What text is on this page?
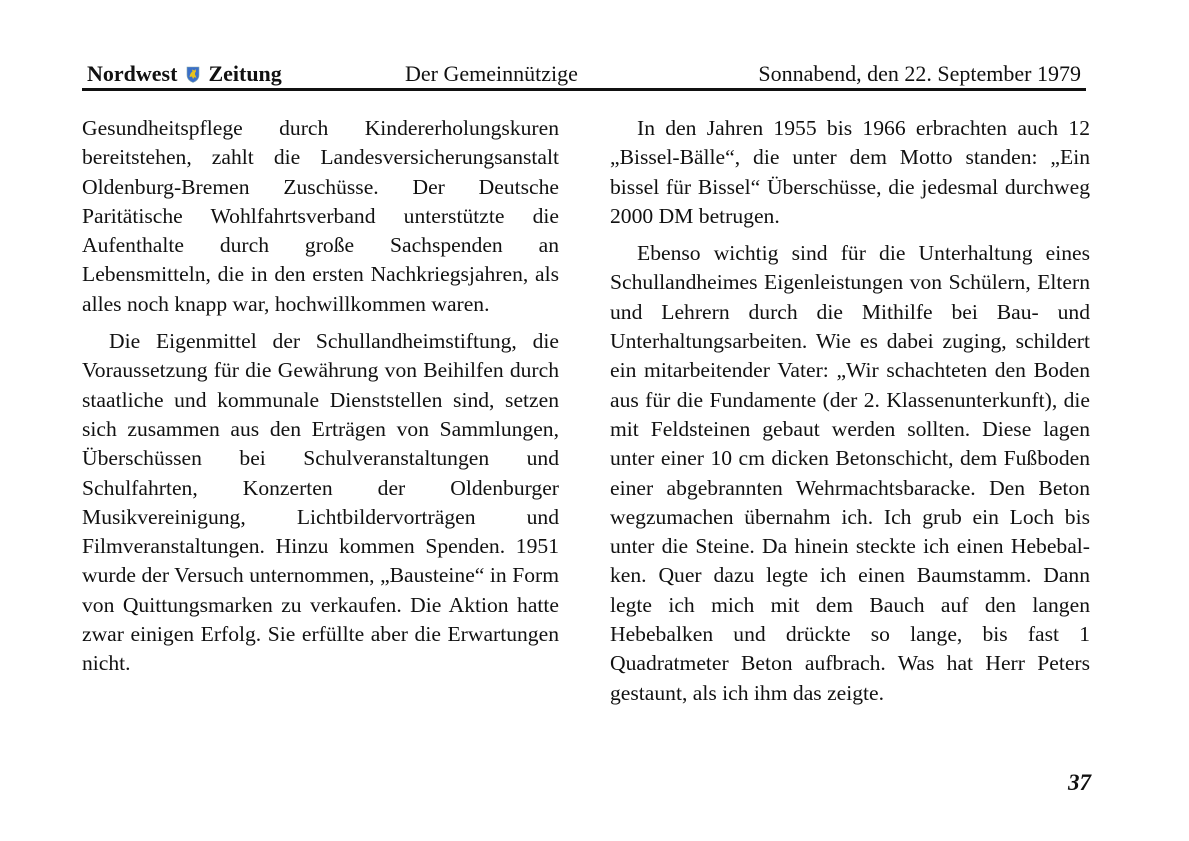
Nordwest Zeitung	Der Gemeinnützige	Sonnabend, den 22. September 1979

Gesundheitspflege durch Kindererholungskuren bereitstehen, zahlt die Landesversicherungsanstalt Oldenburg-Bremen Zuschüsse. Der Deutsche Paritätische Wohlfahrtsverband unterstützte die Aufenthalte durch große Sachspenden an Lebensmitteln, die in den ersten Nachkriegsjahren, als alles noch knapp war, hochwillkommen waren.

Die Eigenmittel der Schullandheimstiftung, die Voraussetzung für die Gewährung von Beihilfen durch staatliche und kommunale Dienststellen sind, setzen sich zusammen aus den Erträgen von Sammlungen, Überschüssen bei Schulveranstaltungen und Schulfahrten, Konzerten der Oldenburger Musikvereinigung, Lichtbildervorträgen und Filmveranstaltungen. Hinzu kommen Spenden. 1951 wurde der Versuch unternommen, „Bausteine“ in Form von Quittungsmarken zu verkaufen. Die Aktion hatte zwar einigen Erfolg. Sie erfüllte aber die Erwartungen nicht.

In den Jahren 1955 bis 1966 erbrachten auch 12 „Bissel-Bälle“, die unter dem Motto standen: „Ein bissel für Bissel“ Überschüsse, die jedesmal durchweg 2000 DM betrugen.

Ebenso wichtig sind für die Unterhaltung eines Schullandheimes Eigenleistungen von Schülern, Eltern und Lehrern durch die Mithilfe bei Bau- und Unterhaltungsarbeiten. Wie es dabei zuging, schildert ein mitarbeitender Vater: „Wir schachteten den Boden aus für die Fundamente (der 2. Klassenunterkunft), die mit Feldsteinen gebaut werden sollten. Diese lagen unter einer 10 cm dicken Betonschicht, dem Fußboden einer abgebrannten Wehrmachtsbaracke. Den Beton wegzumachen übernahm ich. Ich grub ein Loch bis unter die Steine. Da hinein steckte ich einen Hebebalken. Quer dazu legte ich einen Baumstamm. Dann legte ich mich mit dem Bauch auf den langen Hebebalken und drückte so lange, bis fast 1 Quadratmeter Beton aufbrach. Was hat Herr Peters gestaunt, als ich ihm das zeigte.

37
